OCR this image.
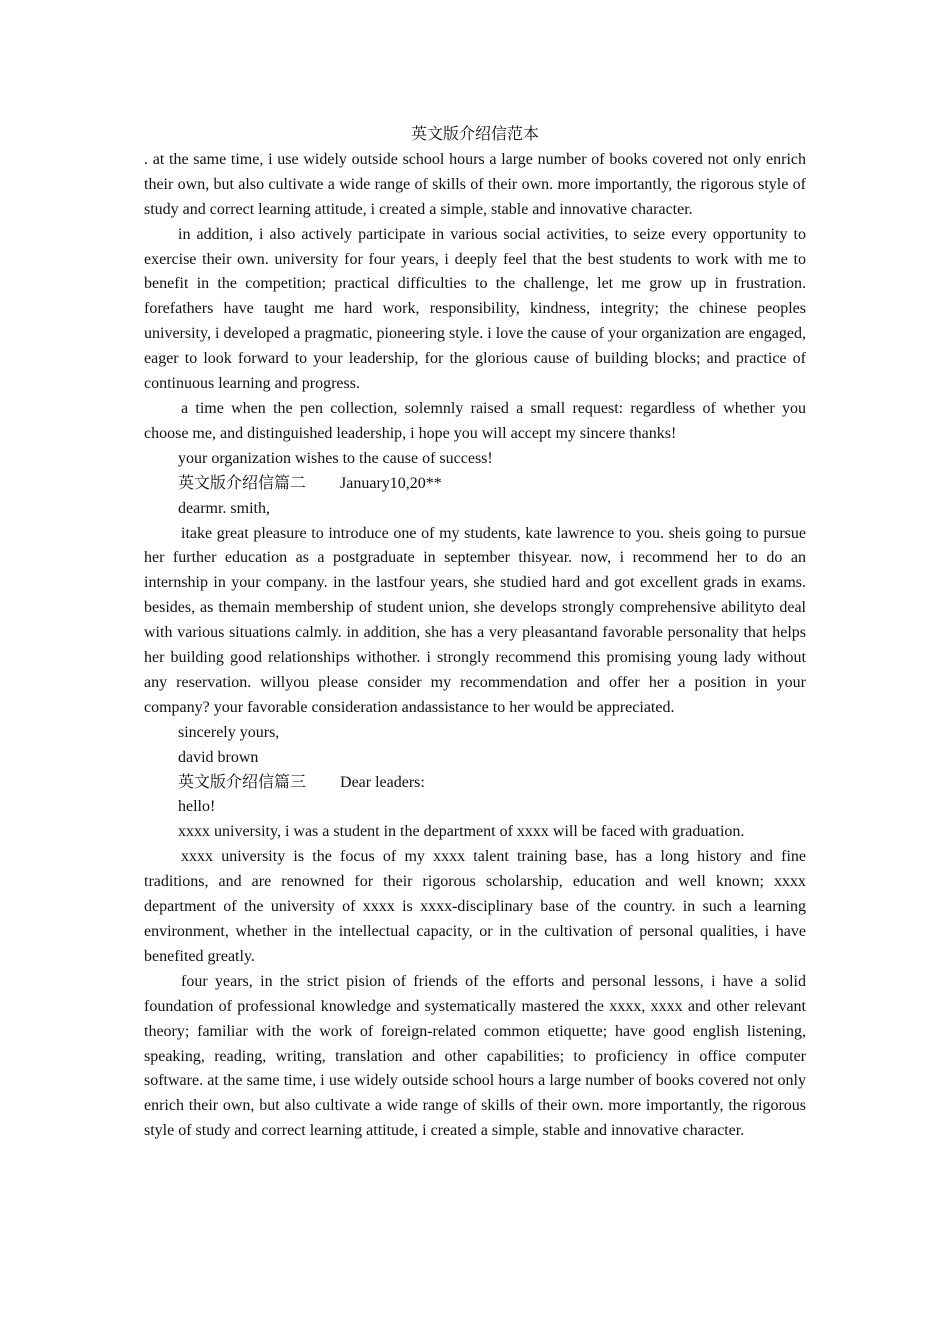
英文版介绍信范本

. at the same time, i use widely outside school hours a large number of books covered not only enrich their own, but also cultivate a wide range of skills of their own. more importantly, the rigorous style of study and correct learning attitude, i created a simple, stable and innovative character.

in addition, i also actively participate in various social activities, to seize every opportunity to exercise their own. university for four years, i deeply feel that the best students to work with me to benefit in the competition; practical difficulties to the challenge, let me grow up in frustration. forefathers have taught me hard work, responsibility, kindness, integrity; the chinese peoples university, i developed a pragmatic, pioneering style. i love the cause of your organization are engaged, eager to look forward to your leadership, for the glorious cause of building blocks; and practice of continuous learning and progress.

a time when the pen collection, solemnly raised a small request: regardless of whether you choose me, and distinguished leadership, i hope you will accept my sincere thanks!

your organization wishes to the cause of success!

英文版介绍信篇二 January10,20**

dearmr. smith,

itake great pleasure to introduce one of my students, kate lawrence to you. sheis going to pursue her further education as a postgraduate in september thisyear. now, i recommend her to do an internship in your company. in the lastfour years, she studied hard and got excellent grads in exams. besides, as themain membership of student union, she develops strongly comprehensive abilityto deal with various situations calmly. in addition, she has a very pleasantand favorable personality that helps her building good relationships withother. i strongly recommend this promising young lady without any reservation. willyou please consider my recommendation and offer her a position in your company? your favorable consideration andassistance to her would be appreciated.

sincerely yours,

david brown

英文版介绍信篇三 Dear leaders:

hello!

xxxx university, i was a student in the department of xxxx will be faced with graduation.

xxxx university is the focus of my xxxx talent training base, has a long history and fine traditions, and are renowned for their rigorous scholarship, education and well known; xxxx department of the university of xxxx is xxxx-disciplinary base of the country. in such a learning environment, whether in the intellectual capacity, or in the cultivation of personal qualities, i have benefited greatly.

four years, in the strict pision of friends of the efforts and personal lessons, i have a solid foundation of professional knowledge and systematically mastered the xxxx, xxxx and other relevant theory; familiar with the work of foreign-related common etiquette; have good english listening, speaking, reading, writing, translation and other capabilities; to proficiency in office computer software. at the same time, i use widely outside school hours a large number of books covered not only enrich their own, but also cultivate a wide range of skills of their own. more importantly, the rigorous style of study and correct learning attitude, i created a simple, stable and innovative character.
